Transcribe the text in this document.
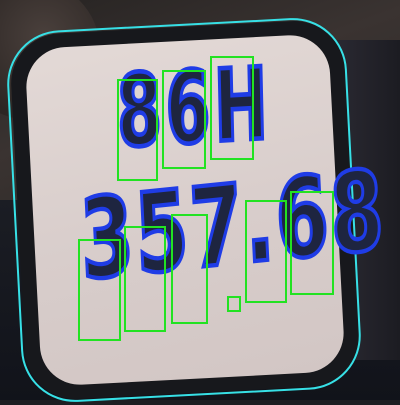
86H

357.68
